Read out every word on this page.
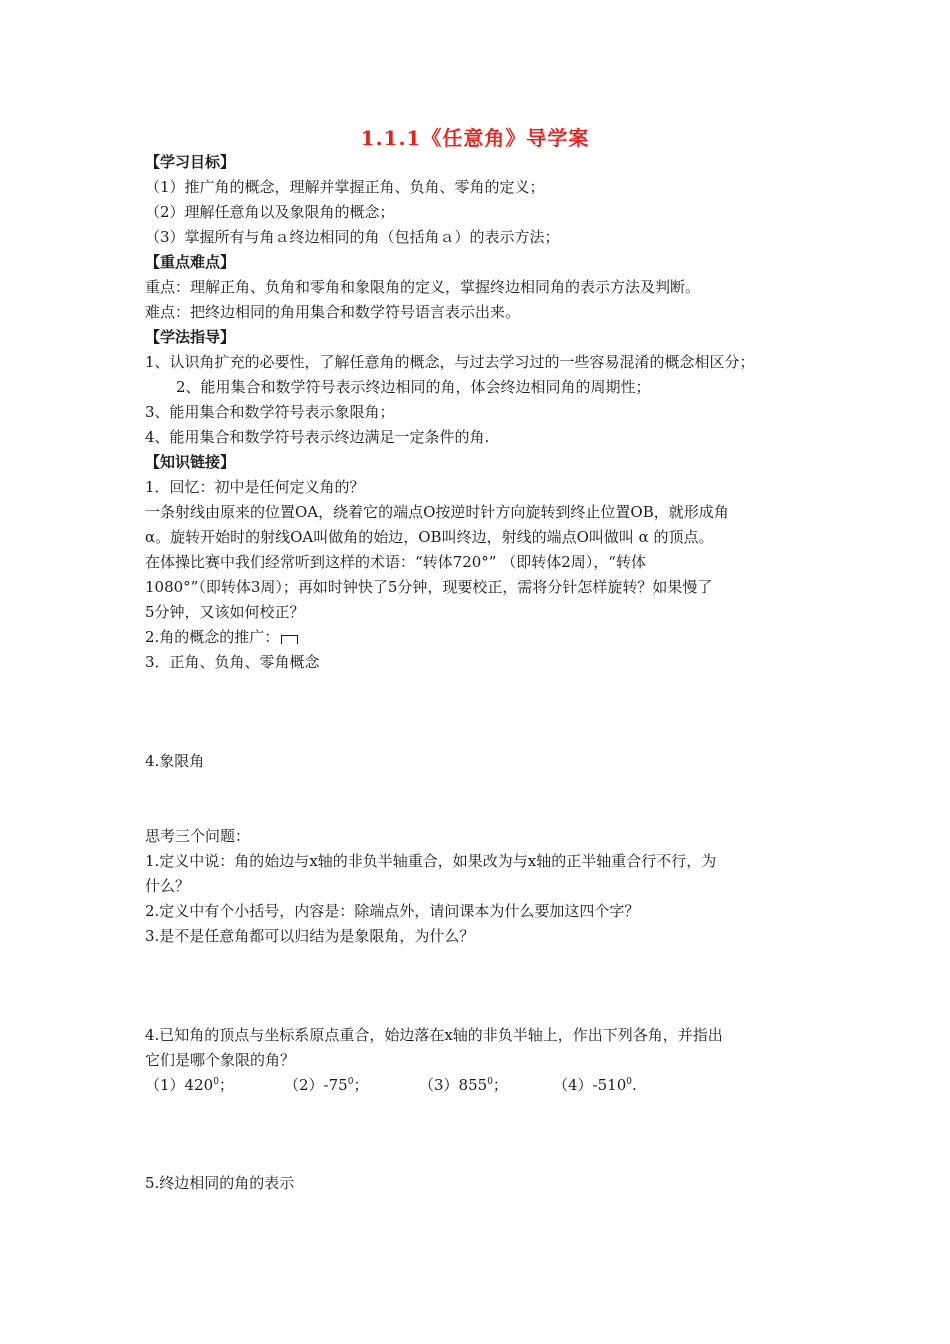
1.1.1《任意角》导学案
【学习目标】
（1）推广角的概念，理解并掌握正角、负角、零角的定义；
（2）理解任意角以及象限角的概念；
（3）掌握所有与角ａ终边相同的角（包括角ａ）的表示方法；
【重点难点】
重点：理解正角、负角和零角和象限角的定义，掌握终边相同角的表示方法及判断。
难点：把终边相同的角用集合和数学符号语言表示出来。
【学法指导】
1、认识角扩充的必要性，了解任意角的概念，与过去学习过的一些容易混淆的概念相区分；
2、能用集合和数学符号表示终边相同的角，体会终边相同角的周期性；
3、能用集合和数学符号表示象限角；
4、能用集合和数学符号表示终边满足一定条件的角.
【知识链接】
1．回忆：初中是任何定义角的？
一条射线由原来的位置OA，绕着它的端点O按逆时针方向旋转到终止位置OB，就形成角
α。旋转开始时的射线OA叫做角的始边，OB叫终边，射线的端点O叫做叫 α 的顶点。
在体操比赛中我们经常听到这样的术语：“转体720°” （即转体2周），“转体
1080°”（即转体3周）；再如时钟快了5分钟，现要校正，需将分针怎样旋转？如果慢了
5分钟，又该如何校正？
2.角的概念的推广：
3．正角、负角、零角概念
4.象限角
思考三个问题：
1.定义中说：角的始边与x轴的非负半轴重合，如果改为与x轴的正半轴重合行不行，为
什么？
2.定义中有个小括号，内容是：除端点外，请问课本为什么要加这四个字？
3.是不是任意角都可以归结为是象限角，为什么？
4.已知角的顶点与坐标系原点重合，始边落在x轴的非负半轴上，作出下列各角，并指出
它们是哪个象限的角？
$(1)420^0$；	$(2)-75^0$；	$(3)855^0$；	$(4)-510^0$.
5.终边相同的角的表示
